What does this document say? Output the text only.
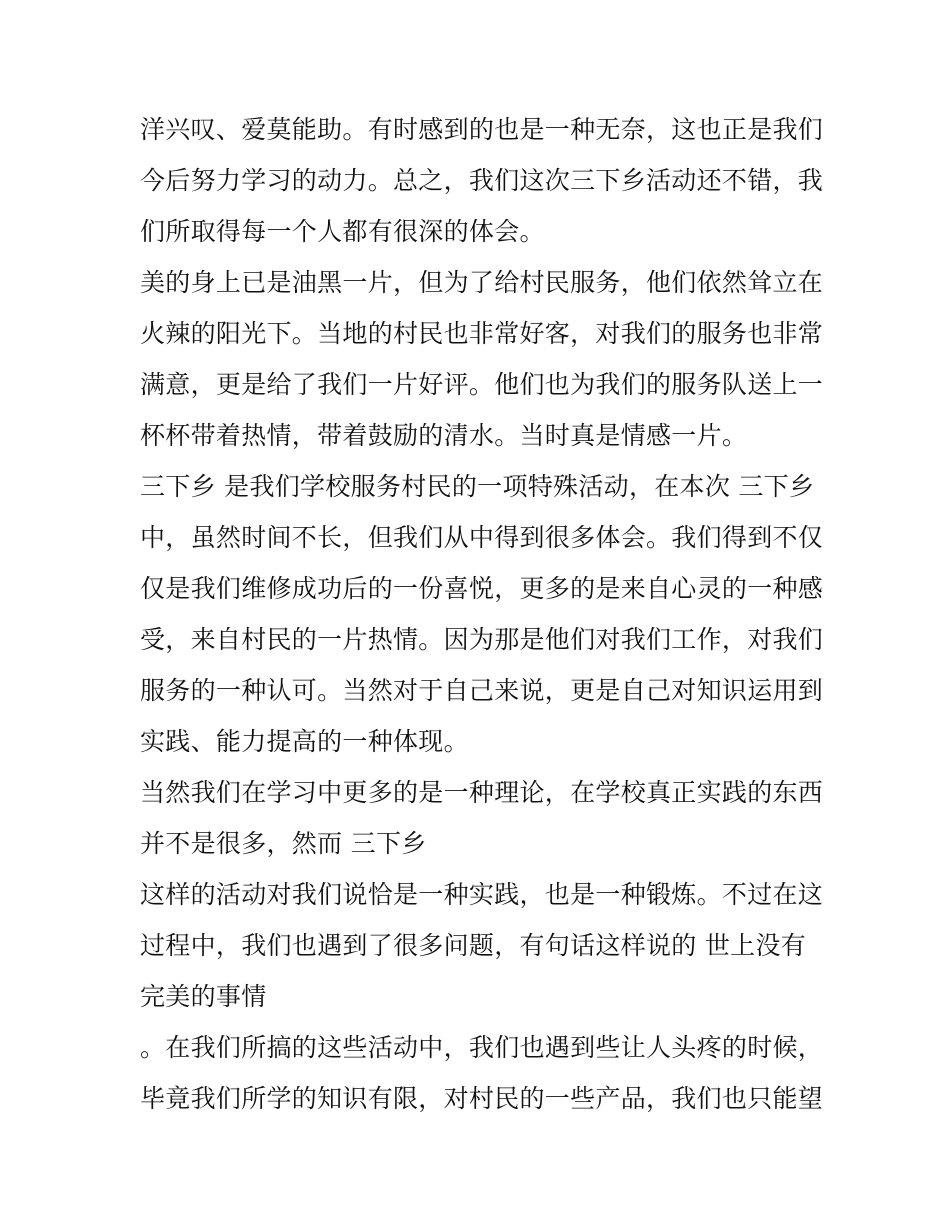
洋兴叹、爱莫能助。有时感到的也是一种无奈，这也正是我们
今后努力学习的动力。总之，我们这次三下乡活动还不错，我
们所取得每一个人都有很深的体会。
美的身上已是油黑一片，但为了给村民服务，他们依然耸立在
火辣的阳光下。当地的村民也非常好客，对我们的服务也非常
满意，更是给了我们一片好评。他们也为我们的服务队送上一
杯杯带着热情，带着鼓励的清水。当时真是情感一片。
三下乡 是我们学校服务村民的一项特殊活动，在本次 三下乡
中，虽然时间不长，但我们从中得到很多体会。我们得到不仅
仅是我们维修成功后的一份喜悦，更多的是来自心灵的一种感
受，来自村民的一片热情。因为那是他们对我们工作，对我们
服务的一种认可。当然对于自己来说，更是自己对知识运用到
实践、能力提高的一种体现。
当然我们在学习中更多的是一种理论，在学校真正实践的东西
并不是很多，然而 三下乡
这样的活动对我们说恰是一种实践，也是一种锻炼。不过在这
过程中，我们也遇到了很多问题，有句话这样说的 世上没有
完美的事情
。在我们所搞的这些活动中，我们也遇到些让人头疼的时候，
毕竟我们所学的知识有限，对村民的一些产品，我们也只能望
